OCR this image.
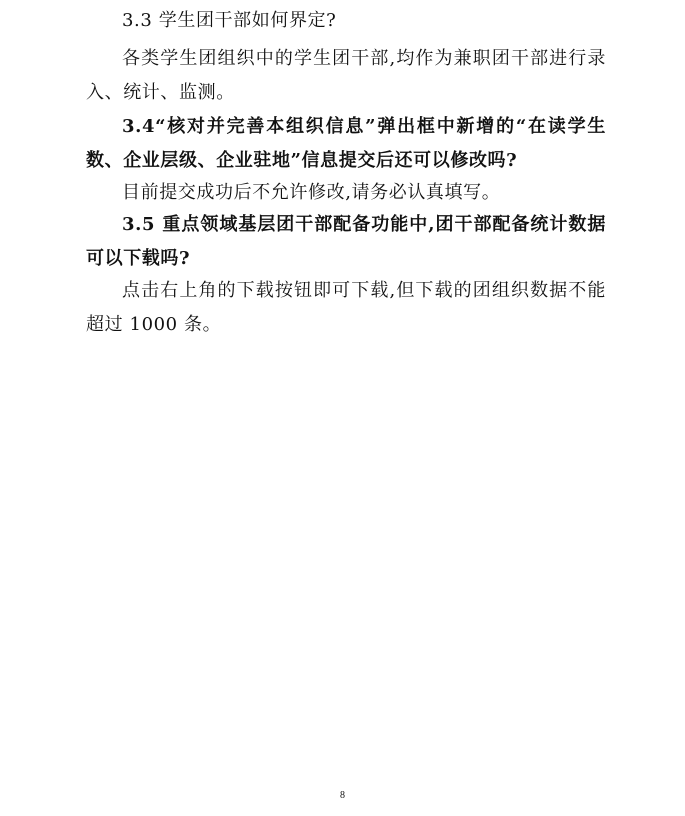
3.3 学生团干部如何界定?

各类学生团组织中的学生团干部,均作为兼职团干部进行录入、统计、监测。

3.4“核对并完善本组织信息”弹出框中新增的“在读学生数、企业层级、企业驻地”信息提交后还可以修改吗?

目前提交成功后不允许修改,请务必认真填写。

3.5 重点领域基层团干部配备功能中,团干部配备统计数据可以下载吗?

点击右上角的下载按钮即可下载,但下载的团组织数据不能超过 1000 条。

8
